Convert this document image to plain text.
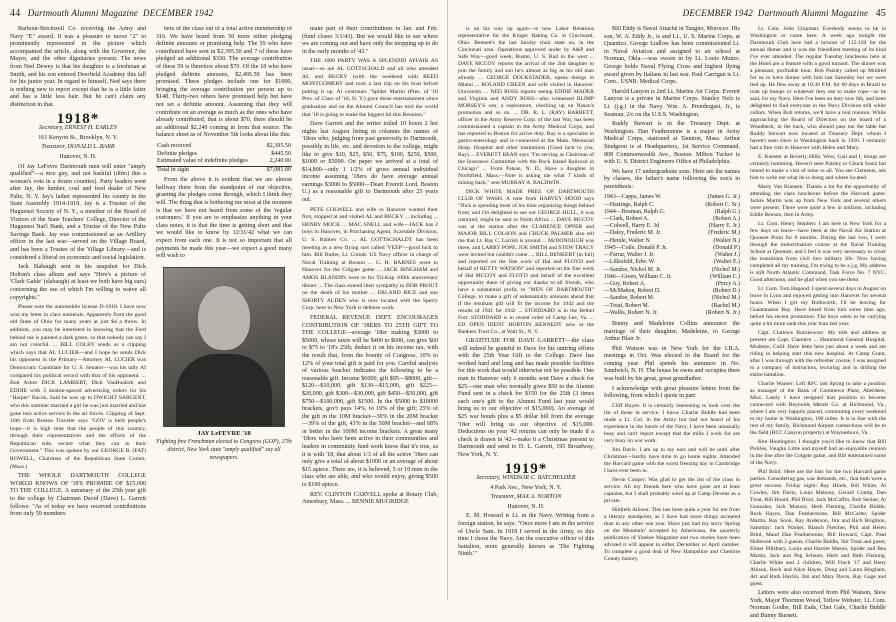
44 Dartmouth Alumni Magazine DECEMBER 1942

Barbour-Stockwell Co. receiving the Army and Navy "E" award. It was a pleasure to move "2" to prominently represented in the picture which accompanied the article, along with the Governor, the Mayor, and the other dignitaries present. The news from Ned Dewey is that his daughter is a freshman at Smith, and his son entered Deerfield Academy this fall for his junior year. In regard to himself, Ned says there is nothing new to report except that he is a little fatter and has a little less hair. But he can't claim any distinction in that.

1918*

Secretary, ERNEST H. EARLEY

161 Kenyon St., Brooklyn, N. Y.

Treasurer, DONALD L. BARR

Hanover, N. H.

Of Jay LeFevre Dartmouth men will enter "amply qualified"—a nice guy, and not bashful (ditto) this a woman's vote in a dozen counties). Party leaders went after Jay, the lumber, coal and feed dealer of New Paltz, N. Y. Jay's father represented his county in the State Assembly 1914-1918. Jay is a Trustee of the Huguenot Society of N. Y., a member of the Board of Visitors of the State Teachers' College, Director of the Huguenot Nat'l Bank, and a Trustee of the New Paltz Savings Bank. Jay was commissioned as an Artillery officer in the last war—served on the Village Board, and has been a Trustee of the Village Library—and is considered a liberal on economic and social legislation.

Jack Slabaugh sent in his snapshot for Dick Holton's class album and says "Here's a picture of 'Clark Gable' (slabaugh) at least we both have big ears) concerning the use of which I'm willing to waive all copyrights."

Please note the automobile license D-1918. I have now won my letter in class numerals. Apparently from the good old State of Ohio for many years at just $4 a throw. In addition, you may be interested in knowing that the Ford behind me is painted a dark green, so that nobody can say I am not colorful. ... BILL COLBY sends us a clipping which says that AL LUCIER—and I hope he sends Dick his opponent in the Primary—Attorney AL LUCIER was Democratic Candidate for U. S. Senator—was his tally AI compared his political record with that of his opponent. ... Bob Acker DICK LAMBERT, Dick VanBuskirk and EDDIE with 3 double-spaced advertising orders for his "Harpie" Bacon. Said he was up to DWIGHT SARGENT, who this summer married a girl he was just married and has gone into active service in the air forces. Clipping of Sept. 16th from Boston Traveler says "GOV is held people's hope—it is high time that the people of this country, through their representatives and the efforts of the Republican side, secure what they can in their Government." This was spoken by our GEORGE B. (FAT) ROWELL, Chairman of the Republican State Comm. (Mass.)

THE WHOLE DARTMOUTH COLLEGE WORLD KNOWS OF '18'S PROMISE OF $15,000 TO THE COLLEGE. A summary of the 25th year gift to the college by Chairman David (Dave) L. Garrett follows: "As of today we have received contributions from only 59 members

bers of the class out of a total active membership of 316. We have heard from 50 more either pledging definite amounts or promising help. The 59 who have contributed have sent in $2,395.50 and 7 of these have pledged an additional $330. The average contribution of these 59 is therefore about $70. Of the 18 who have pledged definite amounts, $2,495.50 has been promised. These pledges include one for $1000, bringing the average contribution per person up to $148. Thirty-two others have promised help but have not set a definite amount. Assuming that they will contribute on an average as much as the ones who have already contributed, that is about $70, there should be an additional $2,240 coming in from that source. The balance sheet as of November 5th looks about like this:

Cash received	$2,395.50
Definite pledges	$445.50
Estimated value of indefinite pledges	2,240.00
Total in sight	$7,081.00

From the above it is evident that we are almost halfway there from the standpoint of our objective, granting the pledges come through, which I think they will. The thing that is bothering me most at the moment is that we have not heard from some of the 'regular customers.' If you are to emphasize anything in your class notes, it is that the time is getting short and that we would like to know by 12/31/42 what we can expect from each one. It is not so important that all payments be made this year—we expect a good many will wish to

JAY LeFEVRE '18

Fighting free Frenchman elected to Congress (GOP), 27th district, New York state "amply qualified" say all newspapers.

make part of their contributions in Jan. and Feb. (fund closes 3/1/43). But we would like to see where we are coming out and have only the mopping up to do in the early months of '43."

THE 1000 PARTY WAS A SPLENDID AFFAIR AS usual—so are AL GOTTSCHALD and all who attended AL and BECKY (with the weekend with REED MONTGOMERY and took a last trip on his boat before putting it up. Al continues "Spider Martin (Pres. of '18 Pres. of Class of '18, N. Y.) gave these entertainment since graduation and on the Alumni Council has told the world that '18 is going to make the biggest hit this Reunion."

Dave Garrett and the writer toiled 10 hours 2 hot nights last August listing in columns the names of '18ers who, judging from past generosity to Dartmouth, possibly in life, etc. and devotion to the college, might like to give $10, $25, $50, $75, $100, $250, $500, $1000 or $5000. On paper we arrived at a total of $14,800—only 1 1/2% of gross annual individual income assuming '18ers do have average annual earnings $3000 to $5000—Dean Everett Lord, Boston U.) as a reasonable gift to Dartmouth after 25 years out.

PETE COLWELL and wife in Hanover wanted their first, stopped at and visited AL and BECKY ... including ... HENRY MOCK ... MAC SNELL and wife—JACK has 2 boys in Hanover, in Purchasing Agent, Scarsdale Division, U. S. Rubber Co. ... AL GOTTSCHALDT has been meeting as a new flying sort called 'VEEP'—good luck to him. Bill Butler, Lt. Comdr. US Navy officer in charge of Naval Training at Boston ... G. H. BARNES went to Hanover for the Colgate game ... JACK BINGHAM and AMOS BLANDIN were to for Tri-Kap 100th anniversary dinner ... The class extend their sympathy to BOB PROUT on the death of his mother ... ERLAND RICE and son SHORTY ALDEN who is now located with the Sperry Corp. here in New York is defense work.

FEDERAL REVENUE DEPT. ENCOURAGES CONTRIBUTION OF '18ERS TO 25TH GIFT TO THE COLLEGE—average '18er making $3000 to $5000, whose taxes will be $400 to $600, can give $60 to $75 to '18's 25th; deduct it on his income tax, with the result that, from the bounty of Congress, 10% to 12% of your total gift is paid for you. Careful analysis of various bracket indicates the following to be a reasonable gift. Income $6000, gift $95—$8000, gift—$120—$10,000, gift $130—$15,000, gift $225—$20,000, gift $300—$30,000, gift $450—$50,000, gift $750—$100,000, gift $1500. In the $5000 to $10000 brackets, gov't pays 14%, to 19% of the gift; 25% of the gift in the 10M bracket—30% in the 20M bracket—39% of the gift, 43% in the 50M bracket—and 68% or better in the 100M income brackets. A great many '18ers who have been active in their communities and leaders in community fund work know that it's true, as it is with '18, that about 1/3 of all the active '18ers can only give a total of about $1000 or an average of about $15 apiece. There are, it is believed, 5 or 10 men in the class who are able, and who would enjoy, giving $500 to $100 apiece.

REV. CLINTON CARVELL spoke at Rotary Club, Amesbury, Mass. ... BENNIE MUGRIDGE

DECEMBER 1942 Dartmouth Alumni Magazine 45

is on his way up again—is now Labor Relations representative for the Kroger Baking Co. at Cincinnati, Ohio. Bennett's the last faculty chair state on, in the Cincinnati area. Operations approved under by A&P and Safe Way—good week, Buster, U. S. Rail in the west ... DAVE MCCOY reports the arrival of the 2nd daughter to join the family and son he's almost as big as his old man already. ... GEORGE DOCKSTADER, opens doings in Miami ... ROLAND GREEN and wife visited in Hanover. University ... NED ROSS reports seeing EDDIE MADER and Virginia and ANDY ROSS—also witnessed BLIMP MORSEY'S son, a sophomore, checking up on Nason's promotion and so on. ... DR. R. L. (RAY) BARRETT, officer in the Army Reserve Corp. of the last War, has been commissioned a captain in the Army Medical Corps, and has reported to Boston for active duty. Ray is a specialist in gastro-enterology and is connected at the Mass. Memorial Hosp. Hospital and other institutions (Good luck to you, Ray) ... EVERETT BEAN says "I'm serving as Chairman of the Insurance Committee with the Rock Island Railroad in Chicago" ... From Patsan, N. D., Have a daughter in Northfield, Mass.—Note is asking me what 7 kinds of mining back," sent MURRAY A. BALDWIN.

DICK WHITE MADE PRES. OF DARTMOUTH CLUB OF WASH. A note from HARVEY HOOD says "Dick is spending most of his time organizing things behind front, and I'm delighted to see our GEORGE HULL, it was rumored, might be sent to North Africa ... DAVE MCCOY was at the station after the CLARENCE OPPER and MAJOR BILL COLSON and CHUCK PALMER also tell me that Lt. Ray C. Larrish is around ... McDONOUGH was there, and LARRY POPE, JOE SMITH and STEW TRACY were invited but couldn't come. ... BILL BENKERT (in full) and reported on the fine work of Hal and FLOYD and behalf of BETTY WATSON" and reported on the fine work of Hal MCCOY and FLOYD and behalf of the excellent opportunity there of giving our thanks to all friends, who have a substantial profit, to "MEN OF DARTMOUTH" College, to make a gift of substantially amounts ahead that if the resultant gift will fit the income for 1942 and the results of 1941 for 1942 ... STODDARD is in the Bethel Fort. STODDARD is in recent order of Camp Lee, Va. ... ED OPEN IDENT HORTON KENNEDY now at the Bankers Trust Co., at Wall St., N. Y.

GRATITUDE FOR DAVE GARRETT—the class will indeed be grateful to Dave for his untiring efforts with the 25th Year Gift to the College. Dave has worked hard and long and has made possible facilities for this work that would otherwise not be possible. One man in Hanover only 6 months sent Dave a check for $25—one man who normally gives $50 to the Alumni Fund sent in a check for $150 for the 25th (3 times each one's gift to the Alumni Fund last year would bring us to our objective of $15,000). An average of $25 war bonds plus a $5 dollar bill from the average '18er will bring us our objective of $15,000. Deductions on your '42 returns can only be made if a check is drawn in '42—make it a Christmas present to Dartmouth and send to D. L. Garrett, 195 Broadway, New York, N. Y.

1919*

Secretary, WINDSOR C. BATCHELDER

4 Park Ave., New York, N. Y.

Treasurer, MAX A. NORTON

Hanover, N. H.

E. M. Howard is Lt. in the Navy. Writing from a foreign station, he says: "Once more I am in the service of Uncle Sam. In 1918 I served in the Army, so this time I chose the Navy. Am the executive officer of this battalion, more generally known as 'The Fighting Ninth.'"

Bill Eddy is Naval Attaché in Tangier, Morocco. His son, W. A. Eddy Jr., is and Lt., U. S. Marine Corps, at Quantico. George Ludlow has been commissioned Lt. in Naval Aviation and assigned to air school at Norman, Okla.—was sworn in by Lt. Louis Munro. George holds Naval Flying Cross and highest flying award given by Italians in last war. Paul Carrigan is Lt. Com., USNR. Medical Corps.

Harold Lanyon is 2nd Lt. Marine Air Corps. Everett Lanyon is a private in Marine Corps. Stanley Nelz is Lt. (j.g.) in the Navy. Wm. A. Prendergast, Jr., is Seaman, 2/c on the U.S.S. Washington.

Ruddy Stewart is in the Treasury Dept. at Washington. Dan Featherstone is a major in Army Medical Corps, stationed at Taunton, Mass. Arthur Studgeon is at Headquarters, 1st Service Command, 808 Commonwealth Ave., Boston. Milton Tucker is with U. S. District Engineers Office at Philadelphia.

We have 17 undergraduate sons. Here are the names by classes, the father's name following the son's in parenthesis:

1943—Capps, James W.	(James G. Jr.)
—Hastings, Ralph C.	(Robert C. Sr.)
1944—Bosman, Ralph G.	(Ralph G.)
—Clark, Robert A.	(Robert A.)
—Colwell, Harry E. 3d	(Harry E. Jr.)
—Daley, Frederic M. Jr.	(Frederic M.)
—Heinle, Walter N.	(Walter N.)
1945—Coile, Donald P. Jr.	(Donald P.)
—Farrar, Walter J. Jr.	(Walter J.)
—Lillesfeld, Edw. W.	(Walter E.)
—Sandoe, Nichol M. Jr.	(Nichol M.)
1946—Green, William C. Jr.	(William C.)
—Guy, Robert A.	(Percy A.)
—McMahon, Robert D.	(Robert D.)
—Sandoe, Robert M.	(Nichol M.)
—Treat, Robert M.	(Rachel M.)
—Wallis, Robert N. Jr.	(Robert N. Jr.)

Bunny and Madeleine Collins announce the marriage of their daughter, Madeleine, to George Arthur Blair Jr.

Phil Watson was in New York for the I.B.A. meetings in Oct. Was elected to the Board for the coming year. Phil spends his summers in No. Sandwich, N. H. The house he owns and occupies there was built by his great, great grandfather.

I acknowledge with great pleasure letters from the following, from which I quote in part:

Cliff Hayes: It is certainly interesting to look over the list of those in service. I know Charlie Biddle had been made a Lt. Col. in the Army but had not heard of his experience in the hands of the Navy. I have been unusually busy and can't report except that the mills I work for are very busy on war work.

Jim Davis: I am up to my ears and will be until after Christmas—hardly have time to go home nights. Attended the Harvard game with the worst freezing day in Cambridge I have ever been in.

Nevin Cooper: Was glad to get the list of the class in service. All my friends here who have gone are at least captains, but I shall probably wind up at Camp Devens as a private.

Hildreth Allison: This has been quite a year for me from a literary standpoint, as I have had more things accepted than in any other one year. Have just had my story 'Spring on the Mountain' accepted by Americana, the quarterly publication of Yankee Magazine and two stories have been advised it will appear in either December or April number. To complete a good deal of New Hampshire and Cheshire County history.

Lt. Com. John Chipman: Everbody seems to be in Washington or come here. A week ago tonight the Dartmouth Club here had a turnout of 115:120 for the annual dinner and it was the friendliest meeting of its kind I've ever attended. The regular Tuesday luncheons here at the Hotel are a feature with a good turnout. The dinner was a pleasant, profitable hour. Bob Paisley called up Mildred for us to have dinner with him last Saturday but we were tied up. He flew away at 10:30 P.M. for 60 days in Brazil to look up bumps or whatever they use to make rope—so he said, for my Navy. Here I've been on duty now 8th, and been delighted to find everyone in the Navy Division still white collars. When Bob returns, we'll have a real reunion. While approaching the Board of Directors on the board of a Woodbeck, in the back, who should pass me the table but Ruddy Stewart now located at Treasury Dept. whom I haven't seen since in Washington back in 1926. I certainly had a fine visit in Hanover with Helen and Mary.

E. Kuester at Beverly Hills: Wow, Gail and I, things are certainly humming. Haven't seen Paisley or Chuck Soutz but intend to make a visit of mine to all. You see Clements, ask him to write me what he is doing and where located.

Marty Van Bransen: Thanks a lot for the opportunity of attending the class luncheons before the Harvard game. Jackie Martin was up from New York and several others were present. There were quite a few in uniform, including Eddie Benson, then in Army.

Lt. Com. Henry Stephen: I am here in New York for a few days on leave—have been at the Naval Air Station at Quonset Point for 6 months. During the last two, I went through the indoctrination course at the Naval Training School at Quonset, and I feel it was very necessary to cover the transitions from civil into military life. Now having completed all my training, I'm trying to be a j.g. My address is still North Atlantic Command, Task Force No. 7 NYC. Good afternoon, and be glad when you see them.

Lt. Com. Tom Hagood: I spent several days in August on leave in Lynn and enjoyed getting into Hanover for several hours. When I got my Bothworth, I'll be leaving for Guantanamo Bay. Have heard from him some time ago, before his recent promotion. The boys seem to be carrying quite a bit more rank this year than last year.

Capt. Clarence Buzzesworr: My title and address at present are Capt. Clarence ... Hammond General Hospital, Modesto, Calif. Have been here just about a week and am riding in helping start this new hospital. At Camp Grant, after I was through with the refresher course, I was assigned to a company of instructors, lecturing and in drilling the entire battalion.

Charlie Warner: Left RFC last Spring to take a position as manager of the Bank of Commerce Plant, Aberdeen, Miss. Lately I have resigned that position to become connected with Reynolds Metals Co. at Richmond, Va., where I am very happily placed, commuting every weekend to my home in Washington, 100 miles. It is in line with the rest of my family. Richmond Airport connections will be to the field (RCC Canyon property) at Waynesboro, Va.

Ken Huntington: I thought you'd like to know that Bill Pickles, Vaughn Little and myself had an enjoyable reunion in the line after the Colgate game, and Bill entertained some of the Navy.

Phil Brinl: Here are the lists for the two Harvard game parties. Considering gas, war demands, etc., that both were a great success. Friday night: Ray Hinds, Bill White, Al Cowley, Jim Davis, Louis Mahony, Gerald Crump, Dan Treat, Bill Hoard, Phil Brinl, Jack McCaffin, Bob Secher, Al Gonzales, Jack Mansor, Herb Fleming, Charlie Biddle, Rock Hayes, Dan Featherstone, Bill McCarter, Spider Martin, Ray Soon, Ray Anderson, Jim and Rich Brighton, Saturday: Jack Warner, Blanch Fletcher, Phil and Helen Brinl, Maud Dan Featherstone, Bill Howard, Capt. Paul Holbrook with 2 guests, Charlie Biddle, Stir Treat and guest, Elmer Pillsbury, Louis and Harriet Mason, Spider and Bea Martin, Jack and Peg Scherer, Herb and Beth Fleming, Charlie White and 2 children, Will Finch '17 and Betty Allison, Rock and Alice Hayes, Doug and Laura Bingham, Art and Ruth Havlin, Jim and Mary Davis, Ray Gage and guest.

Letters were also received from Phil Watson, Stew York, Major Thornton Wood, Tetlow Webster, Lt. Com. Norman Godbe, Bill Eads, Chet Gale, Charlie Biddle and Bunny Burnett.
